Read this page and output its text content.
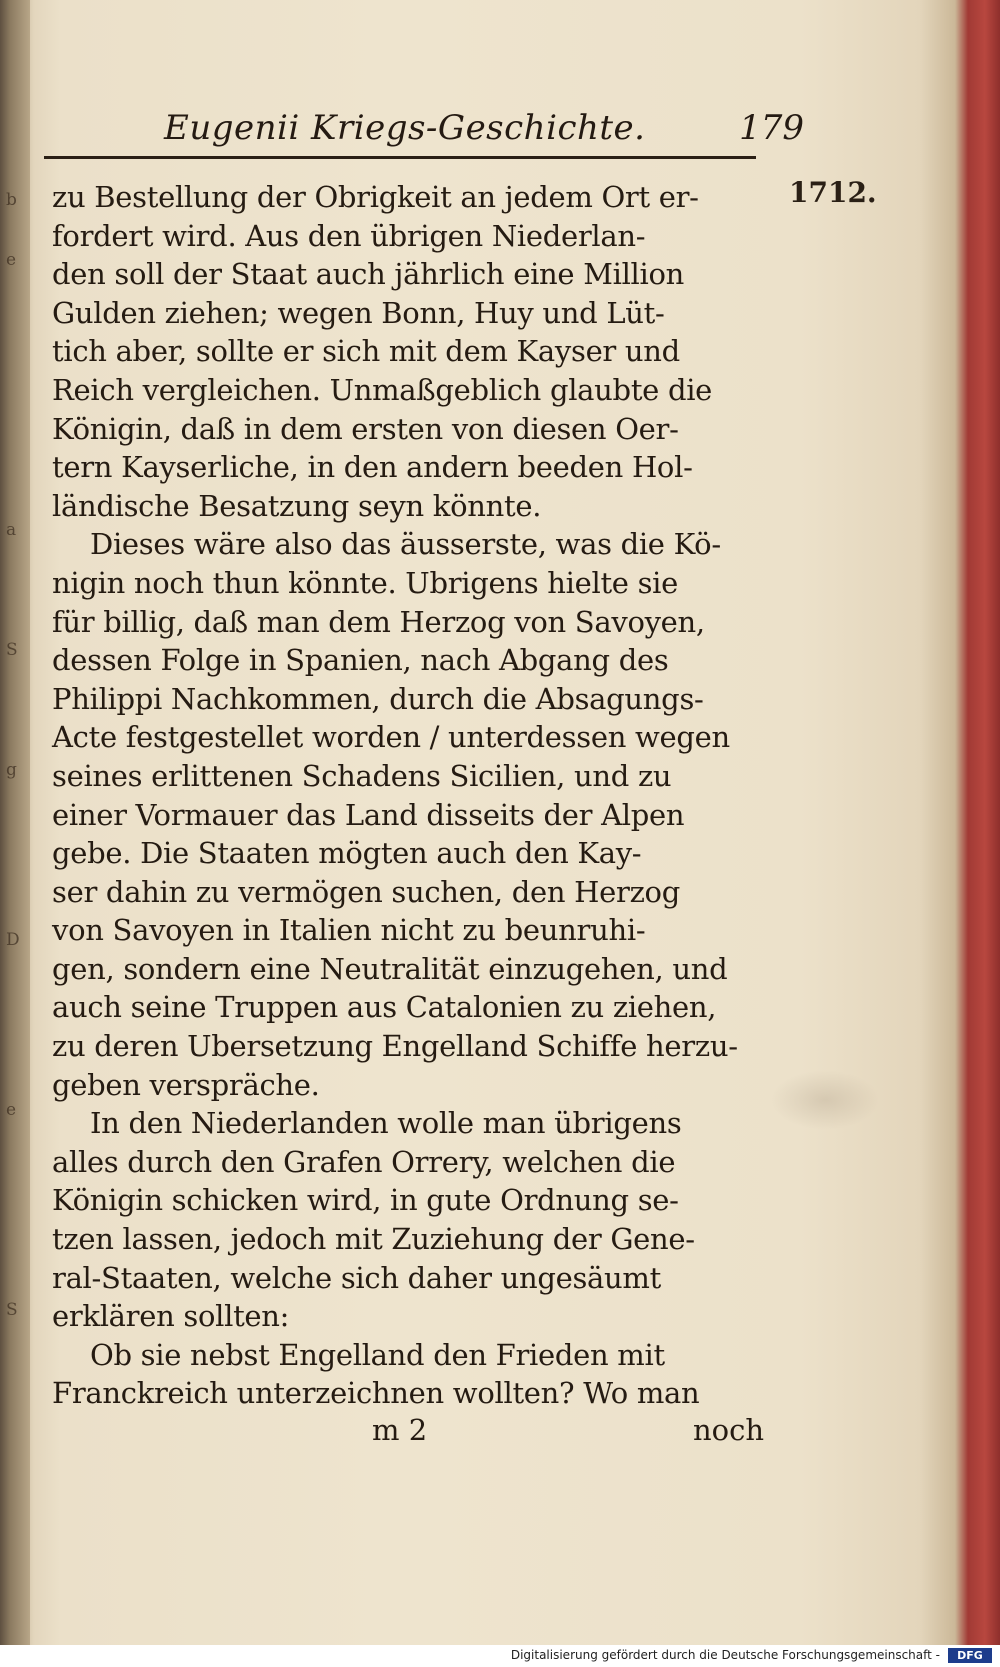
b
e
a
S
g
D
e
S
Eugenii Kriegs-Geschichte.	179
1712.
zu Bestellung der Obrigkeit an jedem Ort er-
fordert wird. Aus den übrigen Niederlan-
den soll der Staat auch jährlich eine Million
Gulden ziehen; wegen Bonn, Huy und Lüt-
tich aber, sollte er sich mit dem Kayser und
Reich vergleichen. Unmaßgeblich glaubte die
Königin, daß in dem ersten von diesen Oer-
tern Kayserliche, in den andern beeden Hol-
ländische Besatzung seyn könnte.
Dieses wäre also das äusserste, was die Kö-
nigin noch thun könnte. Ubrigens hielte sie
für billig, daß man dem Herzog von Savoyen,
dessen Folge in Spanien, nach Abgang des
Philippi Nachkommen, durch die Absagungs-
Acte festgestellet worden / unterdessen wegen
seines erlittenen Schadens Sicilien, und zu
einer Vormauer das Land disseits der Alpen
gebe. Die Staaten mögten auch den Kay-
ser dahin zu vermögen suchen, den Herzog
von Savoyen in Italien nicht zu beunruhi-
gen, sondern eine Neutralität einzugehen, und
auch seine Truppen aus Catalonien zu ziehen,
zu deren Ubersetzung Engelland Schiffe herzu-
geben verspräche.
In den Niederlanden wolle man übrigens
alles durch den Grafen Orrery, welchen die
Königin schicken wird, in gute Ordnung se-
tzen lassen, jedoch mit Zuziehung der Gene-
ral-Staaten, welche sich daher ungesäumt
erklären sollten:
Ob sie nebst Engelland den Frieden mit
Franckreich unterzeichnen wollten? Wo man
m 2	noch
Digitalisierung gefördert durch die Deutsche Forschungsgemeinschaft -	DFG
